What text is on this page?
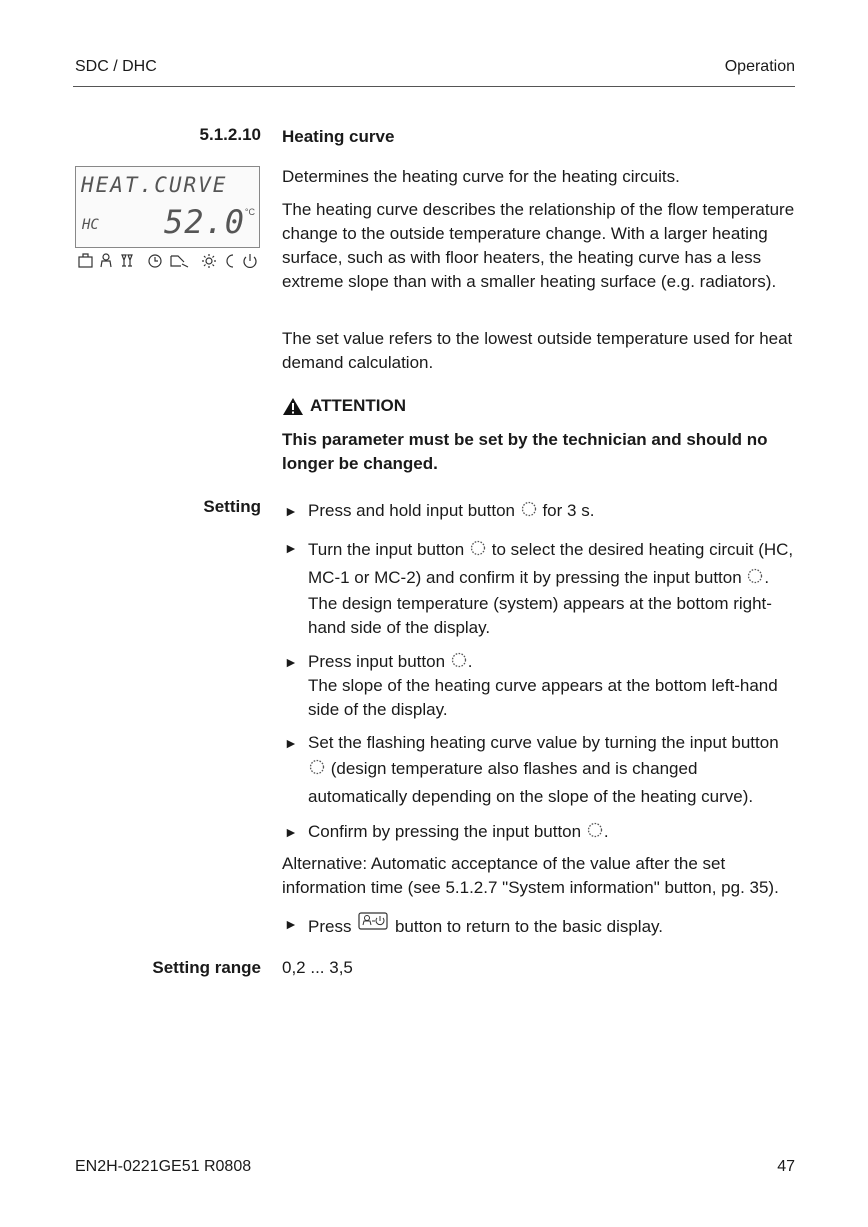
SDC / DHC	Operation
5.1.2.10 Heating curve
HEAT.CURVE
HC 52.0 °C
Determines the heating curve for the heating circuits.
The heating curve describes the relationship of the flow temperature change to the outside temperature change. With a larger heating surface, such as with floor heaters, the heating curve has a less extreme slope than with a smaller heating surface (e.g. radiators).
The set value refers to the lowest outside temperature used for heat demand calculation.
ATTENTION
This parameter must be set by the technician and should no longer be changed.
Setting ► Press and hold input button for 3 s.
► Turn the input button to select the desired heating circuit (HC, MC-1 or MC-2) and confirm it by pressing the input button .
The design temperature (system) appears at the bottom right-hand side of the display.
► Press input button .
The slope of the heating curve appears at the bottom left-hand side of the display.
► Set the flashing heating curve value by turning the input button
(design temperature also flashes and is changed automatically depending on the slope of the heating curve).
► Confirm by pressing the input button .
Alternative: Automatic acceptance of the value after the set information time (see 5.1.2.7 "System information" button, pg. 35).
► Press	button to return to the basic display.
Setting range 0,2 ... 3,5
EN2H-0221GE51 R0808	47
